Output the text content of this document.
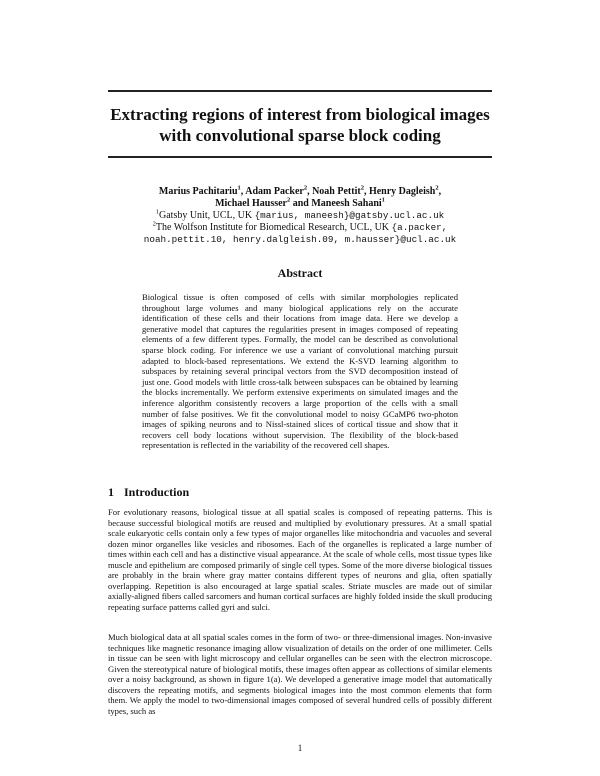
Extracting regions of interest from biological images
with convolutional sparse block coding
Marius Pachitariu$^1$, Adam Packer$^2$, Noah Pettit$^2$, Henry Dagleish$^2$,
Michael Hausser$^2$ and Maneesh Sahani$^1$
$^1$Gatsby Unit, UCL, UK {marius, maneesh}@gatsby.ucl.ac.uk
$^2$The Wolfson Institute for Biomedical Research, UCL, UK {a.packer,
noah.pettit.10, henry.dalgleish.09, m.hausser}@ucl.ac.uk
Abstract
Biological tissue is often composed of cells with similar morphologies replicated throughout large volumes and many biological applications rely on the accurate identification of these cells and their locations from image data. Here we develop a generative model that captures the regularities present in images composed of repeating elements of a few different types. Formally, the model can be described as convolutional sparse block coding. For inference we use a variant of convolutional matching pursuit adapted to block-based representations. We extend the K-SVD learning algorithm to subspaces by retaining several principal vectors from the SVD decomposition instead of just one. Good models with little cross-talk between subspaces can be obtained by learning the blocks incrementally. We perform extensive experiments on simulated images and the inference algorithm consistently recovers a large proportion of the cells with a small number of false positives. We fit the convolutional model to noisy GCaMP6 two-photon images of spiking neurons and to Nissl-stained slices of cortical tissue and show that it recovers cell body locations without supervision. The flexibility of the block-based representation is reflected in the variability of the recovered cell shapes.
1 Introduction
For evolutionary reasons, biological tissue at all spatial scales is composed of repeating patterns. This is because successful biological motifs are reused and multiplied by evolutionary pressures. At a small spatial scale eukaryotic cells contain only a few types of major organelles like mitochondria and vacuoles and several dozen minor organelles like vesicles and ribosomes. Each of the organelles is replicated a large number of times within each cell and has a distinctive visual appearance. At the scale of whole cells, most tissue types like muscle and epithelium are composed primarily of single cell types. Some of the more diverse biological tissues are probably in the brain where gray matter contains different types of neurons and glia, often spatially overlapping. Repetition is also encouraged at large spatial scales. Striate muscles are made out of similar axially-aligned fibers called sarcomers and human cortical surfaces are highly folded inside the skull producing repeating surface patterns called gyri and sulci.
Much biological data at all spatial scales comes in the form of two- or three-dimensional images. Non-invasive techniques like magnetic resonance imaging allow visualization of details on the order of one millimeter. Cells in tissue can be seen with light microscopy and cellular organelles can be seen with the electron microscope. Given the stereotypical nature of biological motifs, these images often appear as collections of similar elements over a noisy background, as shown in figure 1(a). We developed a generative image model that automatically discovers the repeating motifs, and segments biological images into the most common elements that form them. We apply the model to two-dimensional images composed of several hundred cells of possibly different types, such as
1
